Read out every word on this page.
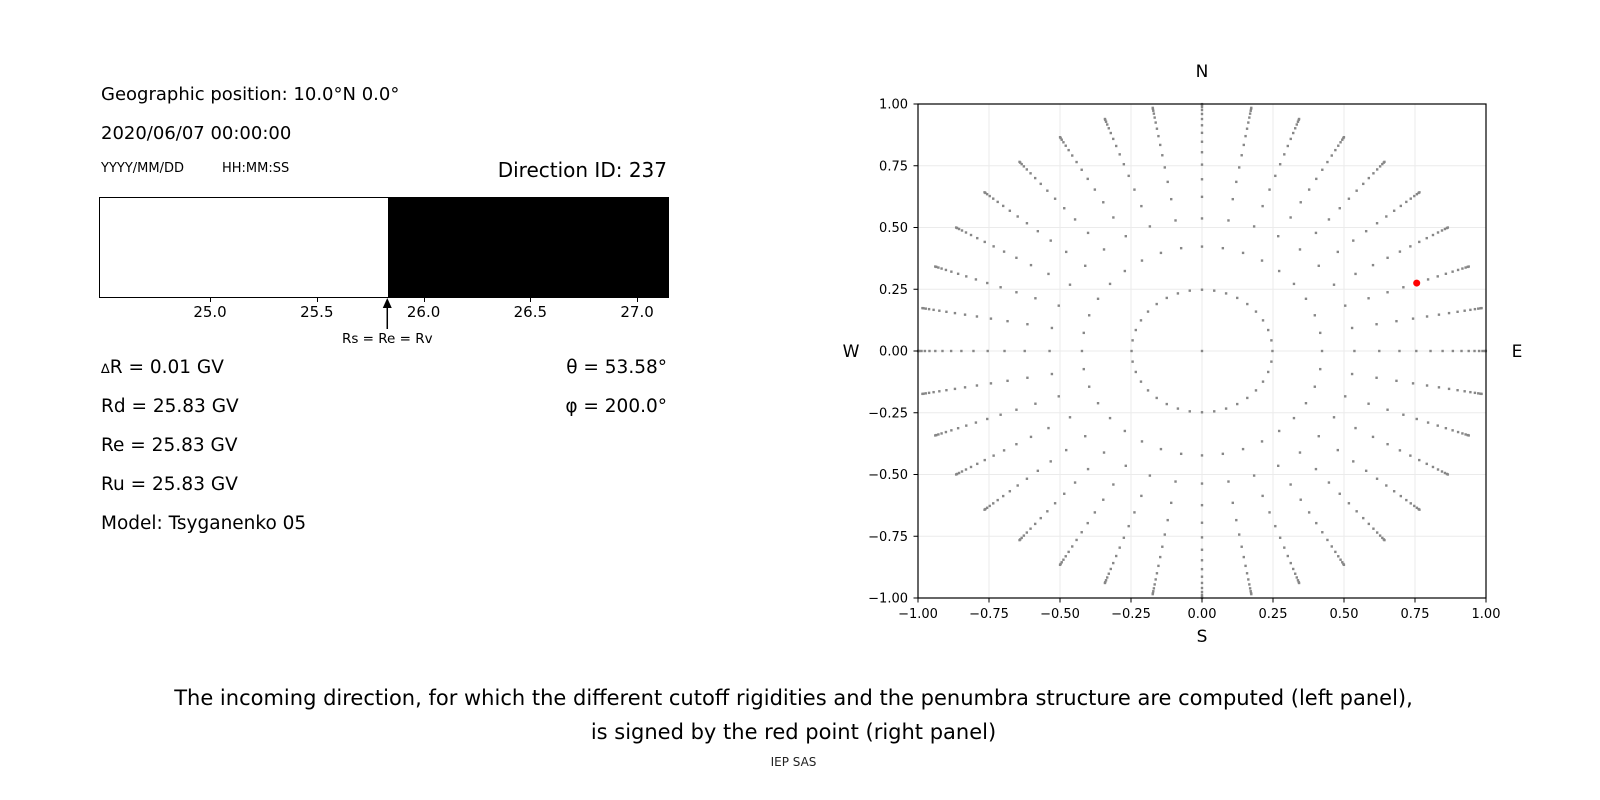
Geographic position: 10.0°N 0.0°
2020/06/07 00:00:00
YYYY/MM/DD	HH:MM:SS	Direction ID: 237
25.0	25.5	26.0	26.5	27.0
Rs = Re = Rv
∆R = 0.01 GV
Rd = 25.83 GV
Re = 25.83 GV
Ru = 25.83 GV
Model: Tsyganenko 05
θ = 53.58°
φ = 200.0°
−1.00 −0.75 −0.50 −0.25	0.00	0.25	0.50	0.75	1.00
−1.00
−0.75
−0.50
−0.25
0.00
0.25
0.50
0.75
1.00
N
S
W	E
The incoming direction, for which the different cutoff rigidities and the penumbra structure are computed (left panel),
is signed by the red point (right panel)
IEP SAS
